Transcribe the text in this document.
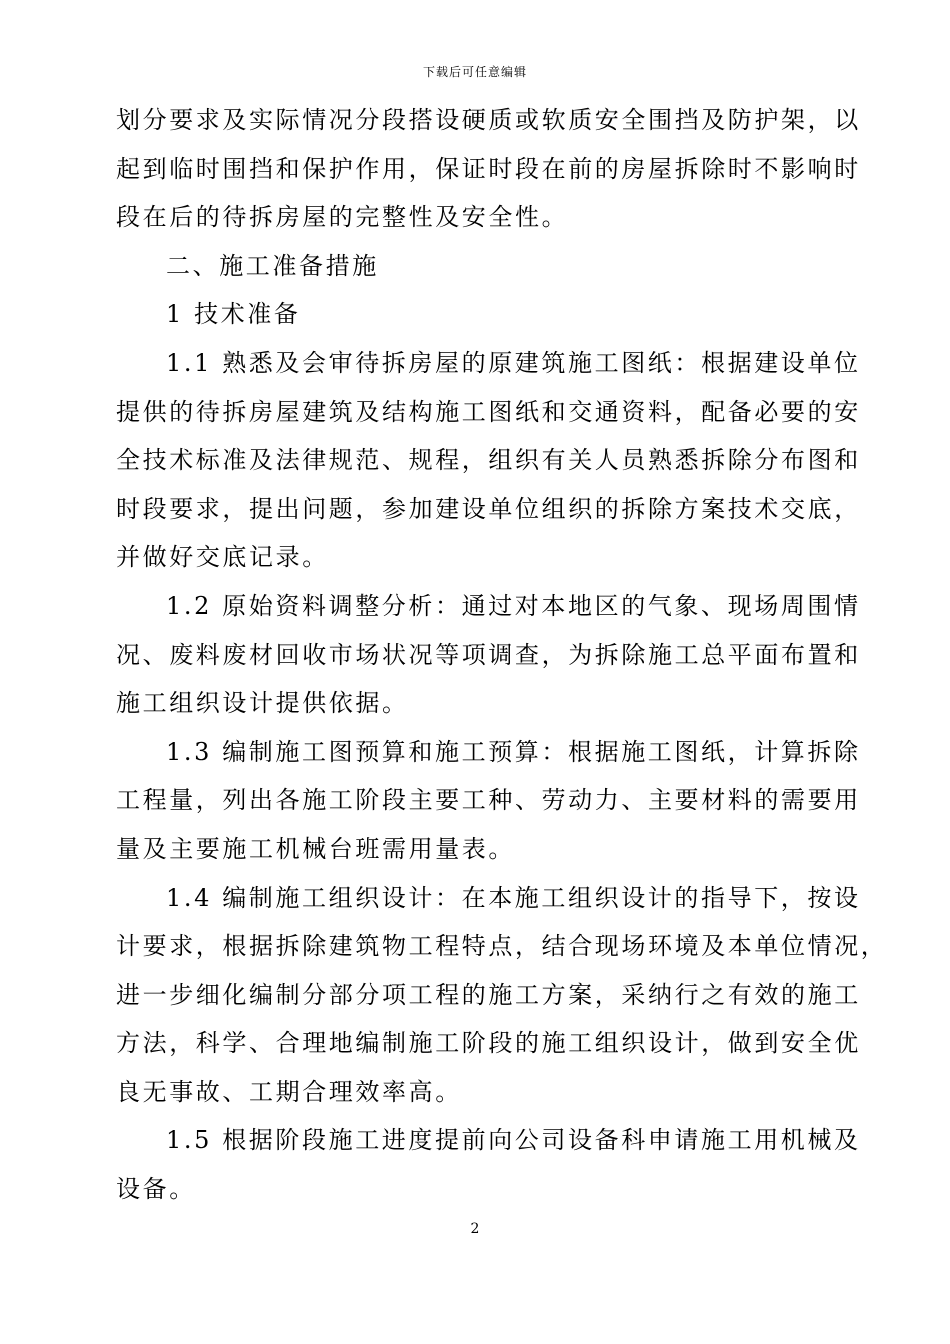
下载后可任意编辑
划分要求及实际情况分段搭设硬质或软质安全围挡及防护架，以
起到临时围挡和保护作用，保证时段在前的房屋拆除时不影响时
段在后的待拆房屋的完整性及安全性。
二、施工准备措施
1 技术准备
1.1 熟悉及会审待拆房屋的原建筑施工图纸：根据建设单位
提供的待拆房屋建筑及结构施工图纸和交通资料，配备必要的安
全技术标准及法律规范、规程，组织有关人员熟悉拆除分布图和
时段要求，提出问题，参加建设单位组织的拆除方案技术交底，
并做好交底记录。
1.2 原始资料调整分析：通过对本地区的气象、现场周围情
况、废料废材回收市场状况等项调查，为拆除施工总平面布置和
施工组织设计提供依据。
1.3 编制施工图预算和施工预算：根据施工图纸，计算拆除
工程量，列出各施工阶段主要工种、劳动力、主要材料的需要用
量及主要施工机械台班需用量表。
1.4 编制施工组织设计：在本施工组织设计的指导下，按设
计要求，根据拆除建筑物工程特点，结合现场环境及本单位情况，
进一步细化编制分部分项工程的施工方案，采纳行之有效的施工
方法，科学、合理地编制施工阶段的施工组织设计，做到安全优
良无事故、工期合理效率高。
1.5 根据阶段施工进度提前向公司设备科申请施工用机械及
设备。
2
